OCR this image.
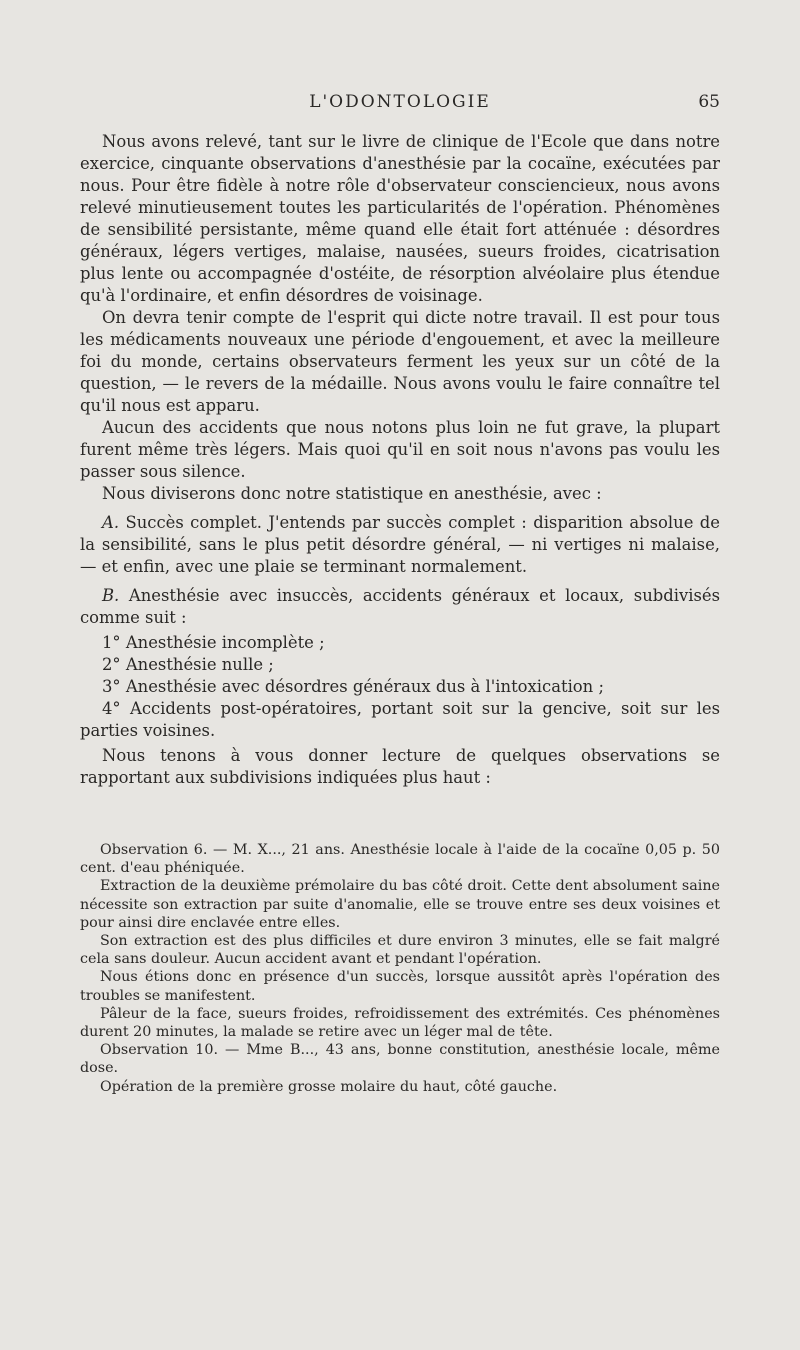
L'ODONTOLOGIE	65

Nous avons relevé, tant sur le livre de clinique de l'Ecole que dans notre exercice, cinquante observations d'anesthésie par la cocaïne, exécutées par nous. Pour être fidèle à notre rôle d'observateur consciencieux, nous avons relevé minutieusement toutes les particularités de l'opération. Phénomènes de sensibilité persistante, même quand elle était fort atténuée : désordres généraux, légers vertiges, malaise, nausées, sueurs froides, cicatrisation plus lente ou accompagnée d'ostéite, de résorption alvéolaire plus étendue qu'à l'ordinaire, et enfin désordres de voisinage.

On devra tenir compte de l'esprit qui dicte notre travail. Il est pour tous les médicaments nouveaux une période d'engouement, et avec la meilleure foi du monde, certains observateurs ferment les yeux sur un côté de la question, — le revers de la médaille. Nous avons voulu le faire connaître tel qu'il nous est apparu.

Aucun des accidents que nous notons plus loin ne fut grave, la plupart furent même très légers. Mais quoi qu'il en soit nous n'avons pas voulu les passer sous silence.

Nous diviserons donc notre statistique en anesthésie, avec :

A. Succès complet. J'entends par succès complet : disparition absolue de la sensibilité, sans le plus petit désordre général, — ni vertiges ni malaise, — et enfin, avec une plaie se terminant normalement.

B. Anesthésie avec insuccès, accidents généraux et locaux, subdivisés comme suit :

1° Anesthésie incomplète ;

2° Anesthésie nulle ;

3° Anesthésie avec désordres généraux dus à l'intoxication ;

4° Accidents post-opératoires, portant soit sur la gencive, soit sur les parties voisines.

Nous tenons à vous donner lecture de quelques observations se rapportant aux subdivisions indiquées plus haut :

Observation 6. — M. X..., 21 ans. Anesthésie locale à l'aide de la cocaïne 0,05 p. 50 cent. d'eau phéniquée.

Extraction de la deuxième prémolaire du bas côté droit. Cette dent absolument saine nécessite son extraction par suite d'anomalie, elle se trouve entre ses deux voisines et pour ainsi dire enclavée entre elles.

Son extraction est des plus difficiles et dure environ 3 minutes, elle se fait malgré cela sans douleur. Aucun accident avant et pendant l'opération.

Nous étions donc en présence d'un succès, lorsque aussitôt après l'opération des troubles se manifestent.

Pâleur de la face, sueurs froides, refroidissement des extrémités. Ces phénomènes durent 20 minutes, la malade se retire avec un léger mal de tête.

Observation 10. — Mme B..., 43 ans, bonne constitution, anesthésie locale, même dose.

Opération de la première grosse molaire du haut, côté gauche.
